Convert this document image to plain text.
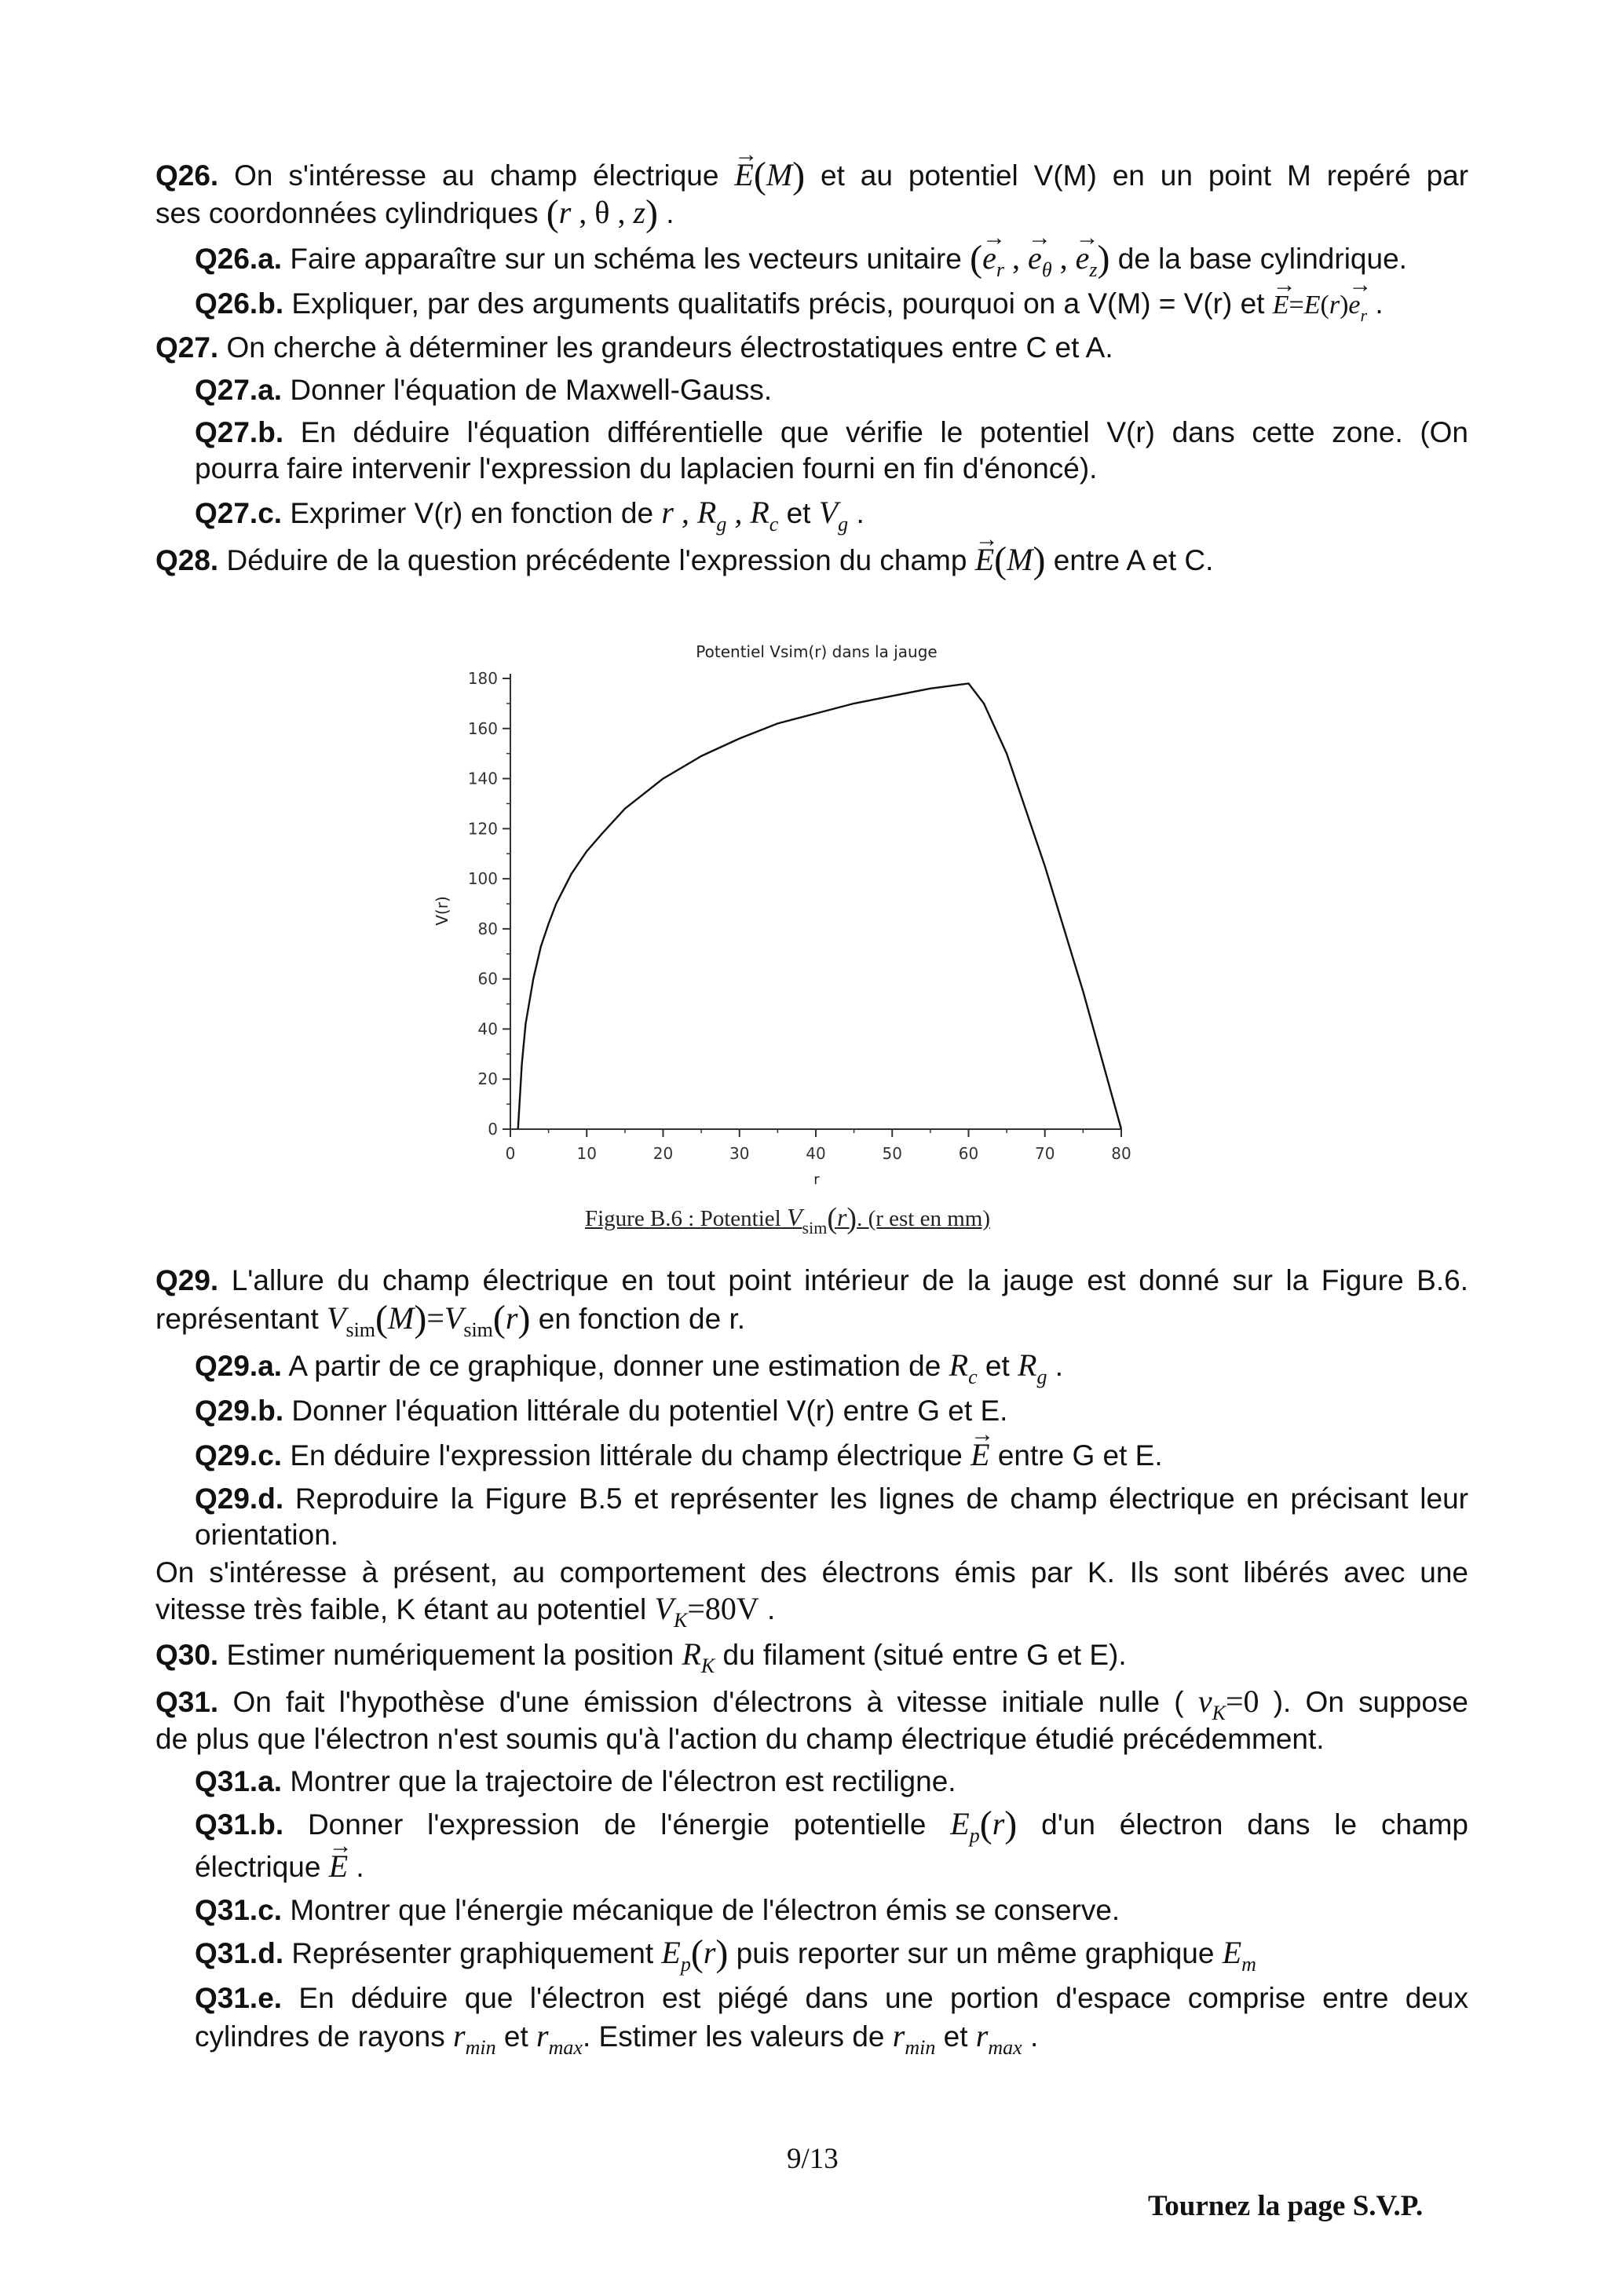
Q26. On s'intéresse au champ électrique → E(M) et au potentiel V(M) en un point M repéré par
ses coordonnées cylindriques (r , θ , z) .
Q26.a. Faire apparaître sur un schéma les vecteurs unitaire (→ $e_r$ , → $e_\theta$ , → $e_z$) de la base cylindrique.
Q26.b. Expliquer, par des arguments qualitatifs précis, pourquoi on a V(M) = V(r) et → $E=E(r)\to e_r$ .
Q27. On cherche à déterminer les grandeurs électrostatiques entre C et A.
Q27.a. Donner l'équation de Maxwell-Gauss.
Q27.b. En déduire l'équation différentielle que vérifie le potentiel V(r) dans cette zone. (On
pourra faire intervenir l'expression du laplacien fourni en fin d'énoncé).
Q27.c. Exprimer V(r) en fonction de r , $R_g$ , $R_c$ et $V_g$ .
Q28. Déduire de la question précédente l'expression du champ → E(M) entre A et C.
Potentiel Vsim(r) dans la jauge
V(r)
r
0
20
40
60
80
100
120
140
160
180
0	10	20	30	40	50	60	70	80
Figure B.6 : Potentiel $V_{sim}(r)$. (r est en mm)
Q29. L'allure du champ électrique en tout point intérieur de la jauge est donné sur la Figure B.6.
représentant $V_{sim}(M)=V_{sim}(r)$ en fonction de r.
Q29.a. A partir de ce graphique, donner une estimation de $R_c$ et $R_g$ .
Q29.b. Donner l'équation littérale du potentiel V(r) entre G et E.
Q29.c. En déduire l'expression littérale du champ électrique → E entre G et E.
Q29.d. Reproduire la Figure B.5 et représenter les lignes de champ électrique en précisant leur
orientation.
On s'intéresse à présent, au comportement des électrons émis par K. Ils sont libérés avec une
vitesse très faible, K étant au potentiel $V_K=80V$ .
Q30. Estimer numériquement la position $R_K$ du filament (situé entre G et E).
Q31. On fait l'hypothèse d'une émission d'électrons à vitesse initiale nulle ( $v_K=0$ ). On suppose
de plus que l'électron n'est soumis qu'à l'action du champ électrique étudié précédemment.
Q31.a. Montrer que la trajectoire de l'électron est rectiligne.
Q31.b. Donner l'expression de l'énergie potentielle $E_p(r)$ d'un électron dans le champ
électrique → E .
Q31.c. Montrer que l'énergie mécanique de l'électron émis se conserve.
Q31.d. Représenter graphiquement $E_p(r)$ puis reporter sur un même graphique $E_m$
Q31.e. En déduire que l'électron est piégé dans une portion d'espace comprise entre deux
cylindres de rayons $r_{min}$ et $r_{max}$. Estimer les valeurs de $r_{min}$ et $r_{max}$ .
9/13
Tournez la page S.V.P.
